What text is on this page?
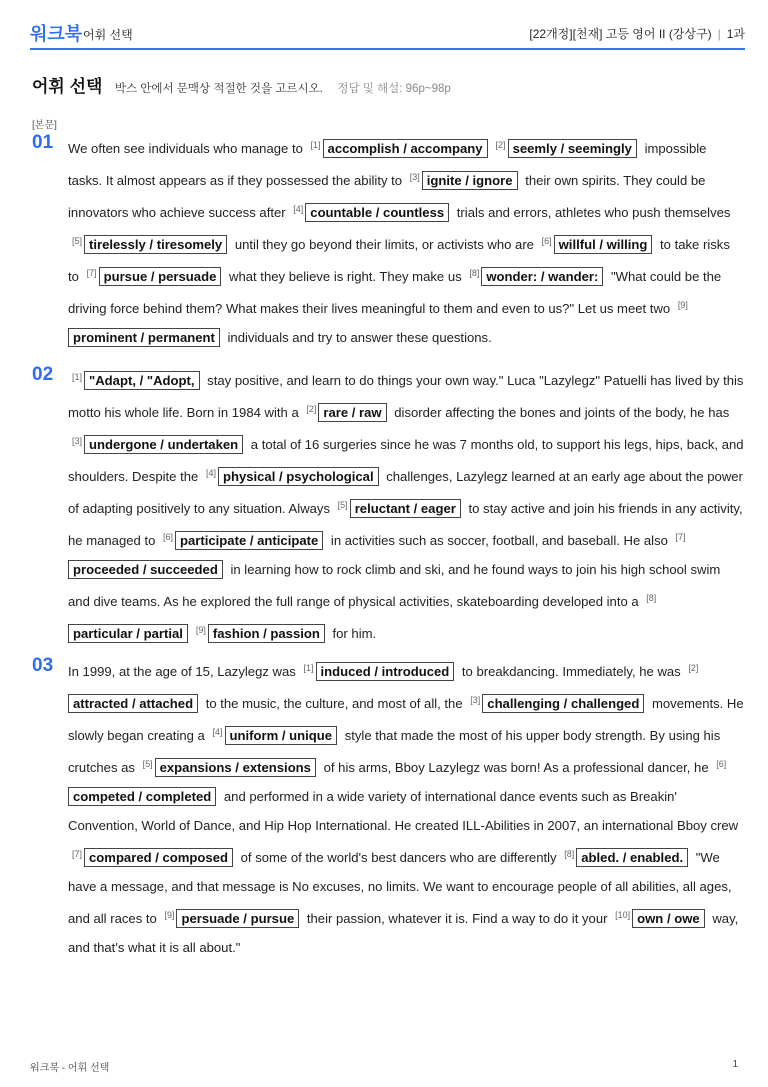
워크북 어휘 선택	[22개정][천재] 고등 영어 II (강상구) | 1과
어휘 선택 박스 안에서 문맥상 적절한 것을 고르시오. 정답 및 해설: 96p~98p
[본문]
01 We often see individuals who manage to [1] accomplish / accompany [2] seemly / seemingly impossible tasks. It almost appears as if they possessed the ability to [3] ignite / ignore their own spirits. They could be innovators who achieve success after [4] countable / countless trials and errors, athletes who push themselves [5] tirelessly / tiresomely until they go beyond their limits, or activists who are [6] willful / willing to take risks to [7] pursue / persuade what they believe is right. They make us [8] wonder: / wander: "What could be the driving force behind them? What makes their lives meaningful to them and even to us?" Let us meet two [9]prominent / permanent individuals and try to answer these questions.

02	[1] "Adapt, / "Adopt, stay positive, and learn to do things your own way." Luca "Lazylegz" Patuelli has lived by this motto his whole life. Born in 1984 with a [2] rare / raw disorder affecting the bones and joints of the body, he has [3] undergone / undertaken a total of 16 surgeries since he was 7 months old, to support his legs, hips, back, and shoulders. Despite the [4] physical / psychological challenges, Lazylegz learned at an early age about the power of adapting positively to any situation. Always [5] reluctant / eager to stay active and join his friends in any activity, he managed to [6] participate / anticipate in activities such as soccer, football, and baseball. He also [7]proceeded / succeeded in learning how to rock climb and ski, and he found ways to join his high school swim and dive teams. As he explored the full range of physical activities, skateboarding developed into a [8]particular / partial [9] fashion / passion for him.

03 In 1999, at the age of 15, Lazylegz was [1] induced / introduced to breakdancing. Immediately, he was [2]attracted / attached to the music, the culture, and most of all, the [3] challenging / challenged movements. He slowly began creating a [4] uniform / unique style that made the most of his upper body strength. By using his crutches as [5] expansions / extensions of his arms, Bboy Lazylegz was born! As a professional dancer, he [6]competed / completed and performed in a wide variety of international dance events such as Breakin' Convention, World of Dance, and Hip Hop International. He created ILL-Abilities in 2007, an international Bboy crew [7] compared / composed of some of the world's best dancers who are differently [8] abled. / enabled. "We have a message, and that message is No excuses, no limits. We want to encourage people of all abilities, all ages, and all races to [9] persuade / pursue their passion, whatever it is. Find a way to do it your [10] own / owe way, and that's what it is all about."

워크북 - 어휘 선택	1
